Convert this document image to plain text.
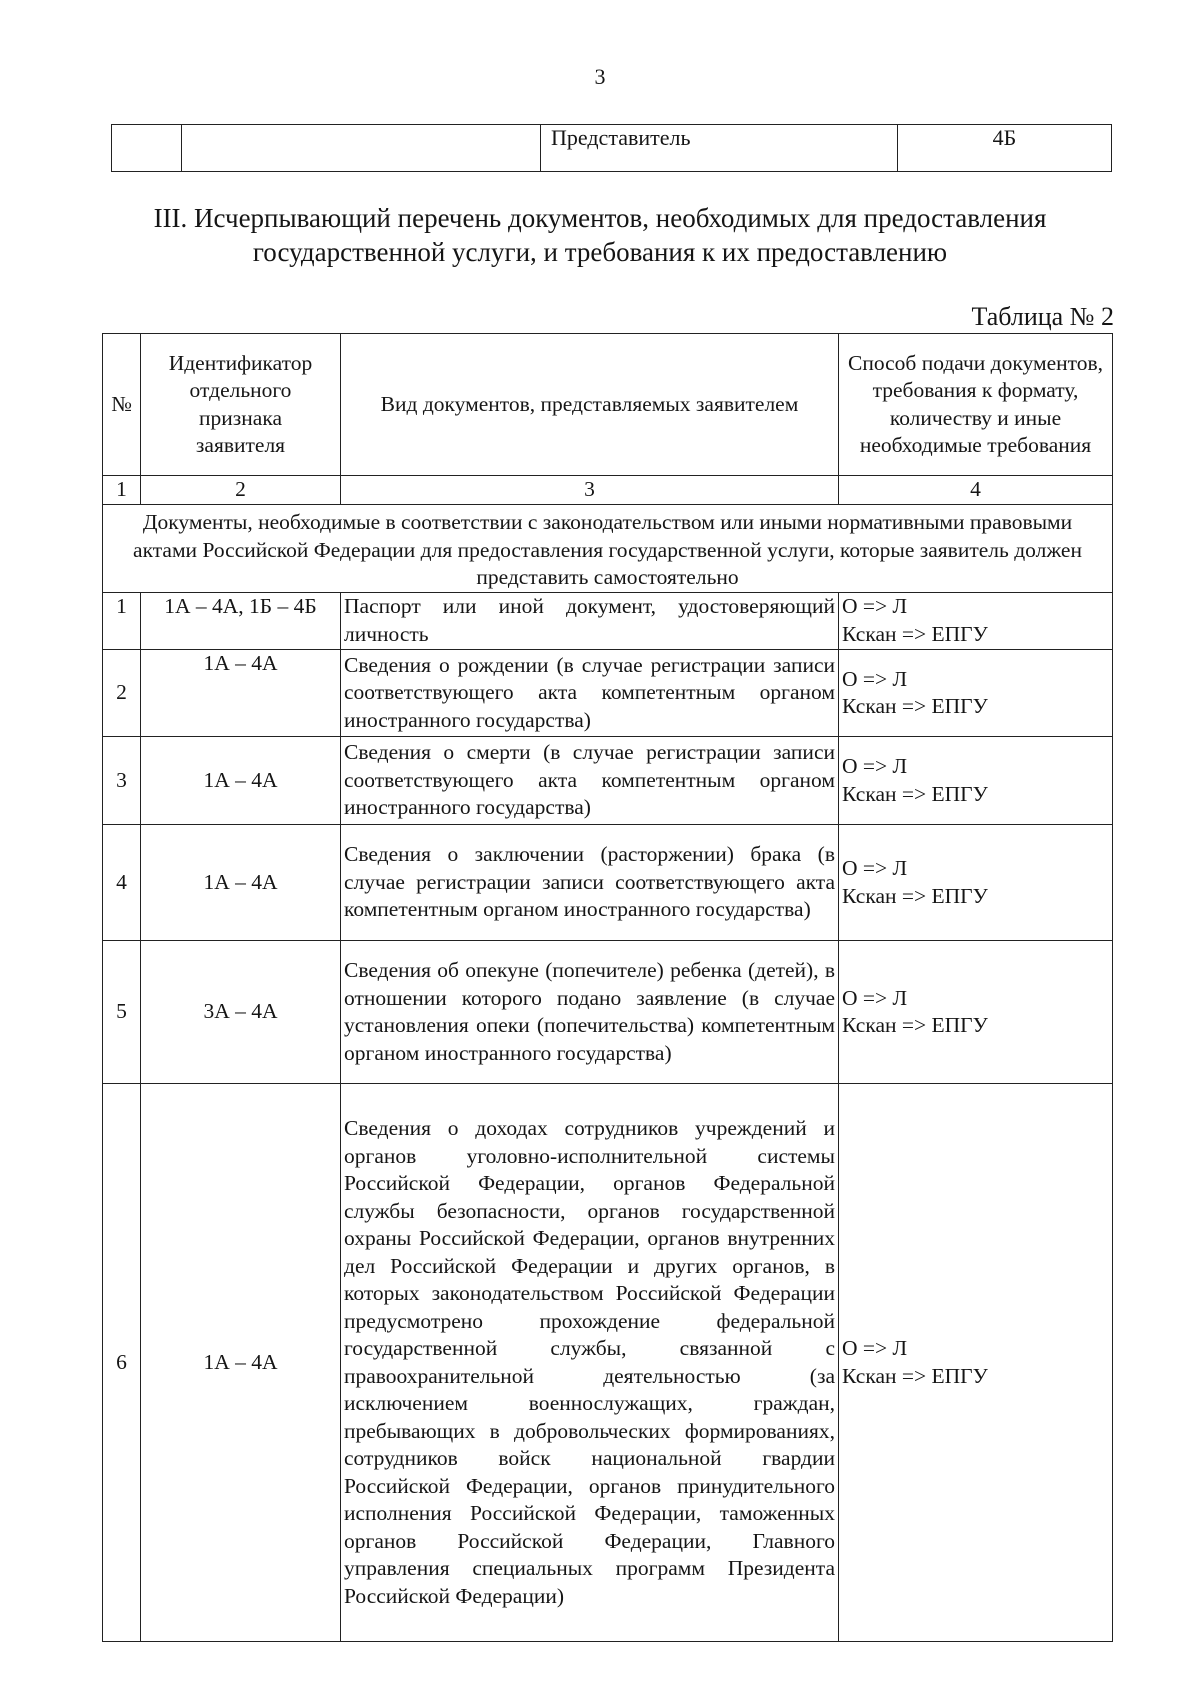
3
		Представитель	4Б
III. Исчерпывающий перечень документов, необходимых для предоставления
государственной услуги, и требования к их предоставлению
Таблица № 2
№	Идентификатор отдельного признака заявителя	Вид документов, представляемых заявителем	Способ подачи документов, требования к формату, количеству и иные необходимые требования
1	2	3	4
Документы, необходимые в соответствии с законодательством или иными нормативными правовыми актами Российской Федерации для предоставления государственной услуги, которые заявитель должен представить самостоятельно			
1	1А – 4А, 1Б – 4Б	Паспорт или иной документ, удостоверяющий личность	О => Л
Кскан => ЕПГУ

2	1А – 4А	Сведения о рождении (в случае регистрации записи соответствующего акта компетентным органом иностранного государства)	О => Л
Кскан => ЕПГУ

3	1А – 4А	Сведения о смерти (в случае регистрации записи соответствующего акта компетентным органом иностранного государства)	О => Л
Кскан => ЕПГУ

4	1А – 4А	Сведения о заключении (расторжении) брака (в случае регистрации записи соответствующего акта компетентным органом иностранного государства)	О => Л
Кскан => ЕПГУ

5	3А – 4А	Сведения об опекуне (попечителе) ребенка (детей), в отношении которого подано заявление (в случае установления опеки (попечительства) компетентным органом иностранного государства)	О => Л
Кскан => ЕПГУ

6	1А – 4А	Сведения о доходах сотрудников учреждений и органов уголовно-исполнительной системы Российской Федерации, органов Федеральной службы безопасности, органов государственной охраны Российской Федерации, органов внутренних дел Российской Федерации и других органов, в которых законодательством Российской Федерации предусмотрено прохождение федеральной государственной службы, связанной с правоохранительной деятельностью (за исключением военнослужащих, граждан, пребывающих в добровольческих формированиях, сотрудников войск национальной гвардии Российской Федерации, органов принудительного исполнения Российской Федерации, таможенных органов Российской Федерации, Главного управления специальных программ Президента Российской Федерации)	О => Л
Кскан => ЕПГУ
